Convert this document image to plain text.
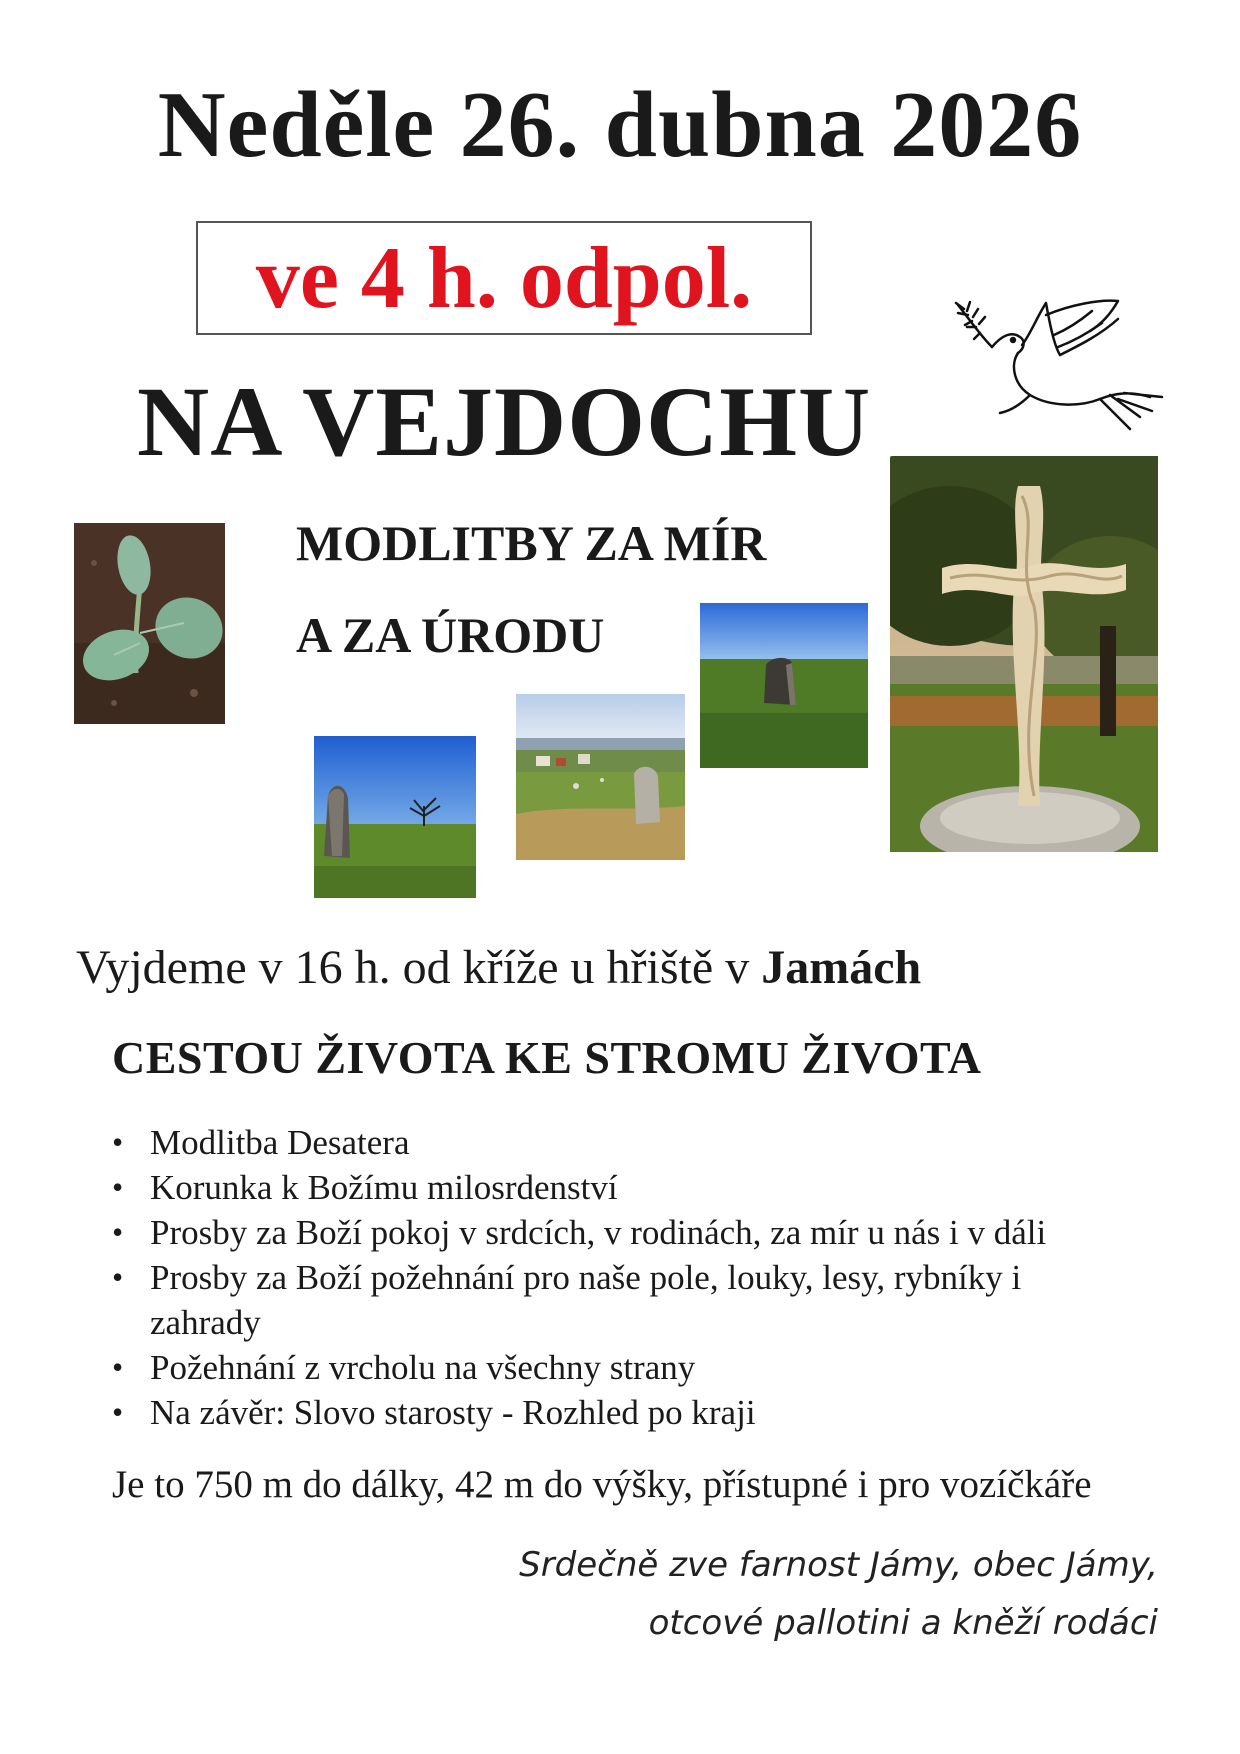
Neděle 26. dubna 2026
ve 4 h. odpol.
NA VEJDOCHU
MODLITBY ZA MÍR
A ZA ÚRODU
Vyjdeme v 16 h. od kříže u hřiště v Jamách
CESTOU ŽIVOTA KE STROMU ŽIVOTA
• Modlitba Desatera
• Korunka k Božímu milosrdenství
• Prosby za Boží pokoj v srdcích, v rodinách, za mír u nás i v dáli
• Prosby za Boží požehnání pro naše pole, louky, lesy, rybníky i zahrady
• Požehnání z vrcholu na všechny strany
• Na závěr: Slovo starosty - Rozhled po kraji
Je to 750 m do dálky, 42 m do výšky, přístupné i pro vozíčkáře
Srdečně zve farnost Jámy, obec Jámy,
otcové pallotini a kněží rodáci
